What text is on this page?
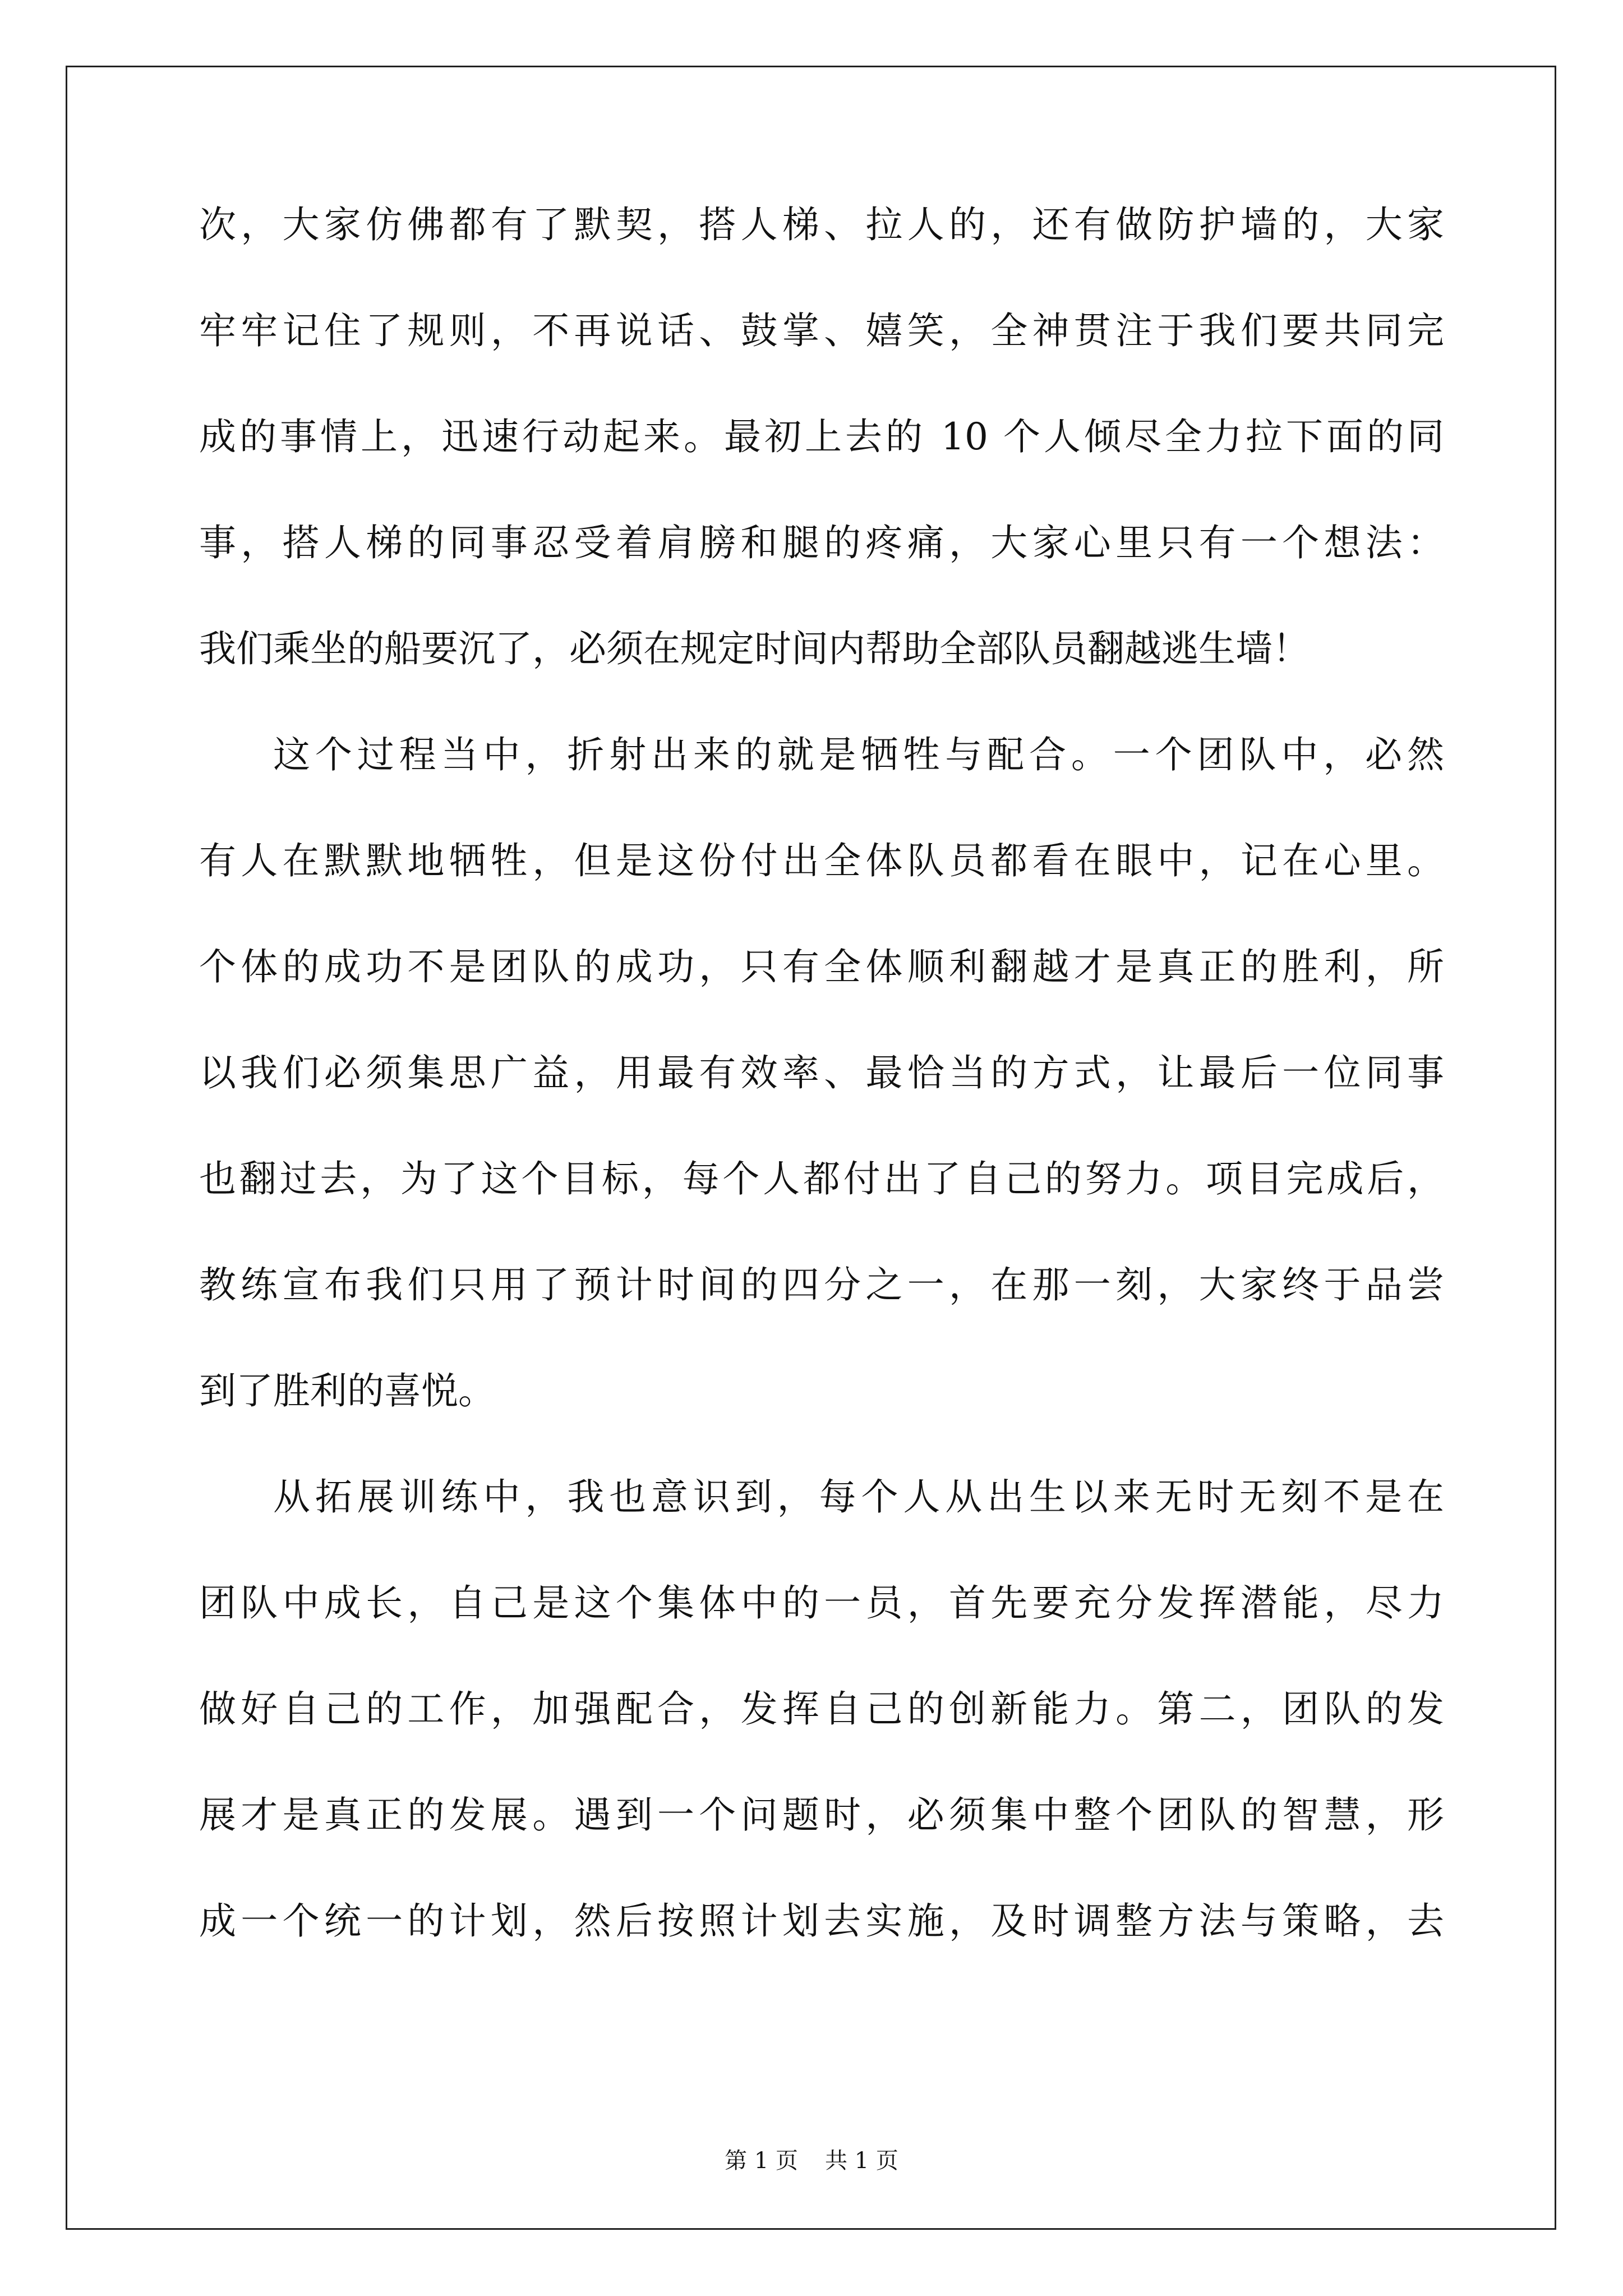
次，大家仿佛都有了默契，搭人梯、拉人的，还有做防护墙的，大家
牢牢记住了规则，不再说话、鼓掌、嬉笑，全神贯注于我们要共同完
成的事情上，迅速行动起来。最初上去的 10 个人倾尽全力拉下面的同
事，搭人梯的同事忍受着肩膀和腿的疼痛，大家心里只有一个想法：
我们乘坐的船要沉了，必须在规定时间内帮助全部队员翻越逃生墙！
这个过程当中，折射出来的就是牺牲与配合。一个团队中，必然
有人在默默地牺牲，但是这份付出全体队员都看在眼中，记在心里。
个体的成功不是团队的成功，只有全体顺利翻越才是真正的胜利，所
以我们必须集思广益，用最有效率、最恰当的方式，让最后一位同事
也翻过去，为了这个目标，每个人都付出了自己的努力。项目完成后，
教练宣布我们只用了预计时间的四分之一，在那一刻，大家终于品尝
到了胜利的喜悦。
从拓展训练中，我也意识到，每个人从出生以来无时无刻不是在
团队中成长，自己是这个集体中的一员，首先要充分发挥潜能，尽力
做好自己的工作，加强配合，发挥自己的创新能力。第二，团队的发
展才是真正的发展。遇到一个问题时，必须集中整个团队的智慧，形
成一个统一的计划，然后按照计划去实施，及时调整方法与策略，去
第 1 页 共 1 页
